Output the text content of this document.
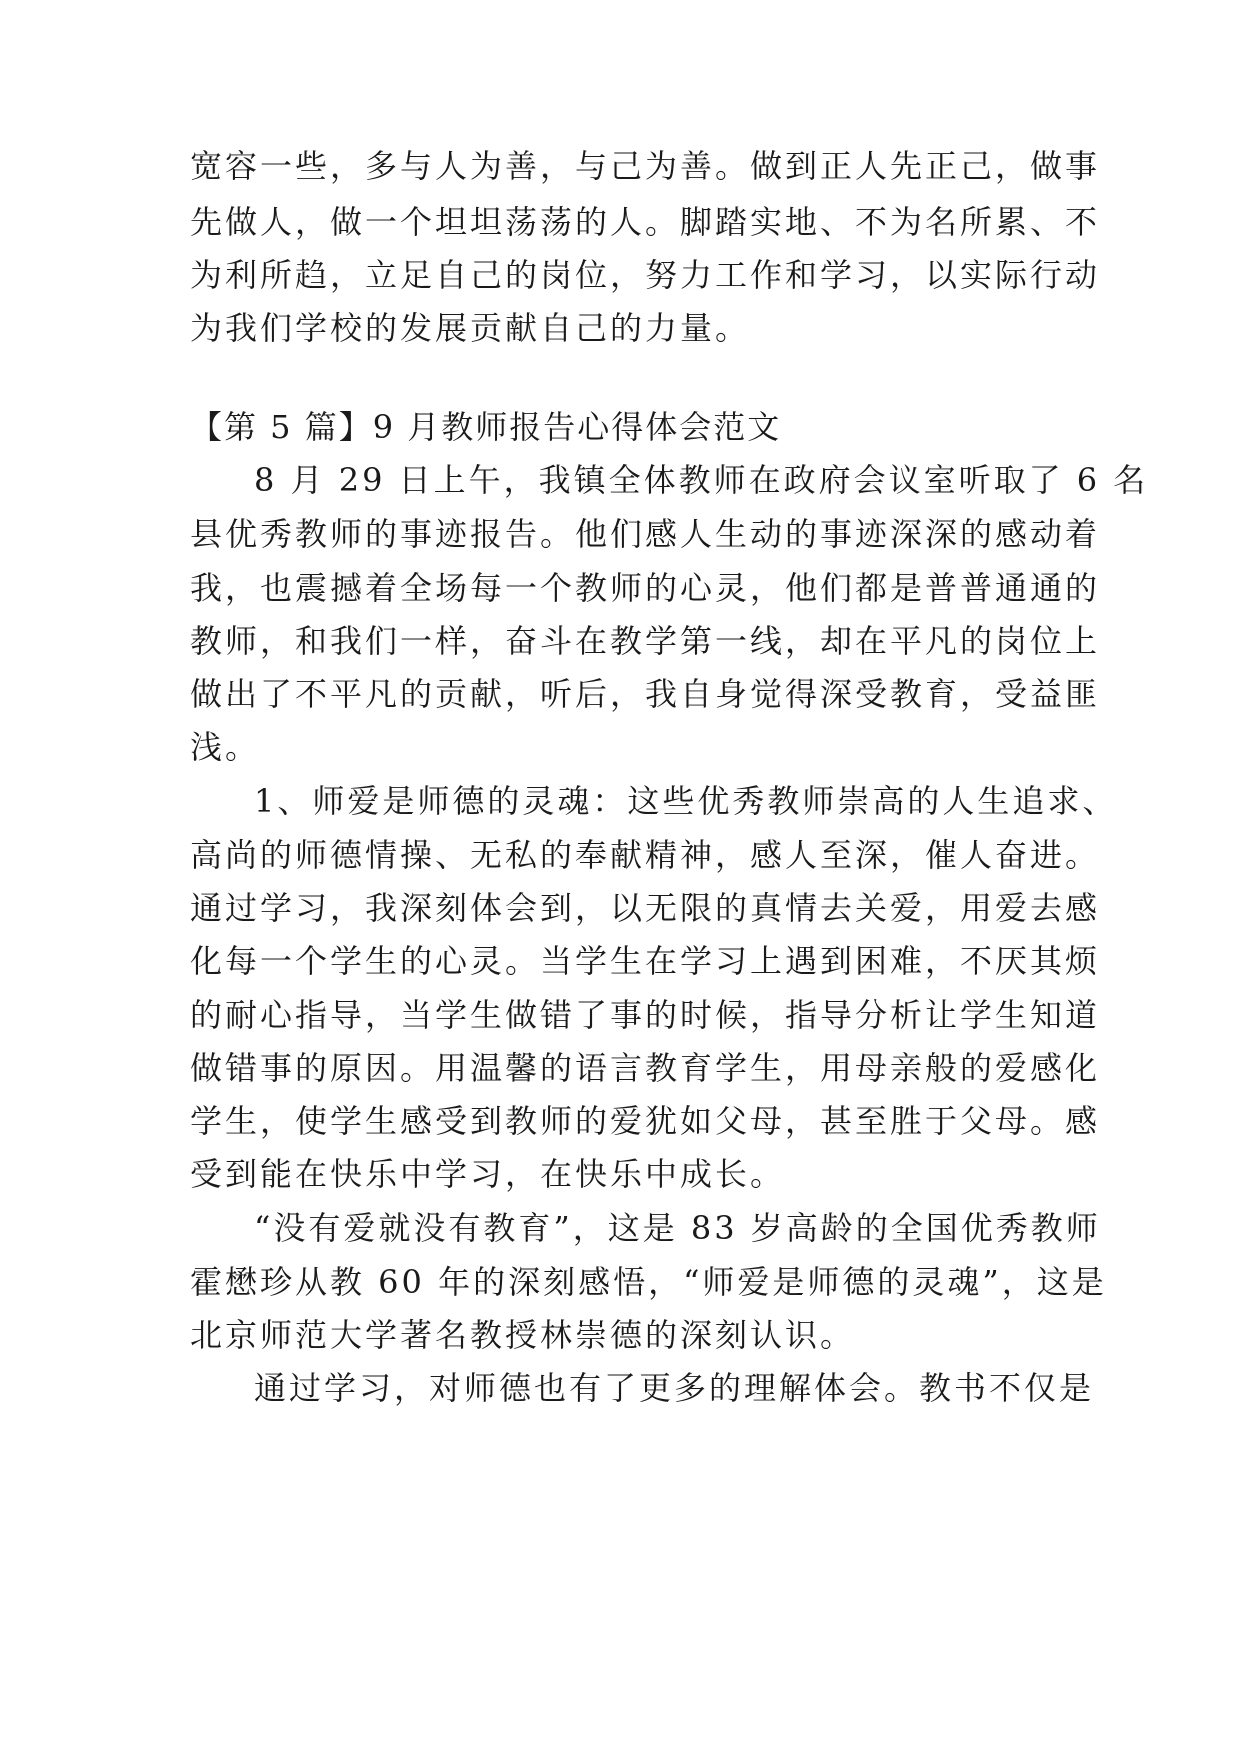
宽容一些，多与人为善，与己为善。做到正人先正己，做事
先做人，做一个坦坦荡荡的人。脚踏实地、不为名所累、不
为利所趋，立足自己的岗位，努力工作和学习，以实际行动
为我们学校的发展贡献自己的力量。
【第 5 篇】9 月教师报告心得体会范文
8 月 29 日上午，我镇全体教师在政府会议室听取了 6 名
县优秀教师的事迹报告。他们感人生动的事迹深深的感动着
我，也震撼着全场每一个教师的心灵，他们都是普普通通的
教师，和我们一样，奋斗在教学第一线，却在平凡的岗位上
做出了不平凡的贡献，听后，我自身觉得深受教育，受益匪
浅。
1、师爱是师德的灵魂：这些优秀教师崇高的人生追求、
高尚的师德情操、无私的奉献精神，感人至深，催人奋进。
通过学习，我深刻体会到，以无限的真情去关爱，用爱去感
化每一个学生的心灵。当学生在学习上遇到困难，不厌其烦
的耐心指导，当学生做错了事的时候，指导分析让学生知道
做错事的原因。用温馨的语言教育学生，用母亲般的爱感化
学生，使学生感受到教师的爱犹如父母，甚至胜于父母。感
受到能在快乐中学习，在快乐中成长。
“没有爱就没有教育”，这是 83 岁高龄的全国优秀教师
霍懋珍从教 60 年的深刻感悟，“师爱是师德的灵魂”，这是
北京师范大学著名教授林崇德的深刻认识。
通过学习，对师德也有了更多的理解体会。教书不仅是
